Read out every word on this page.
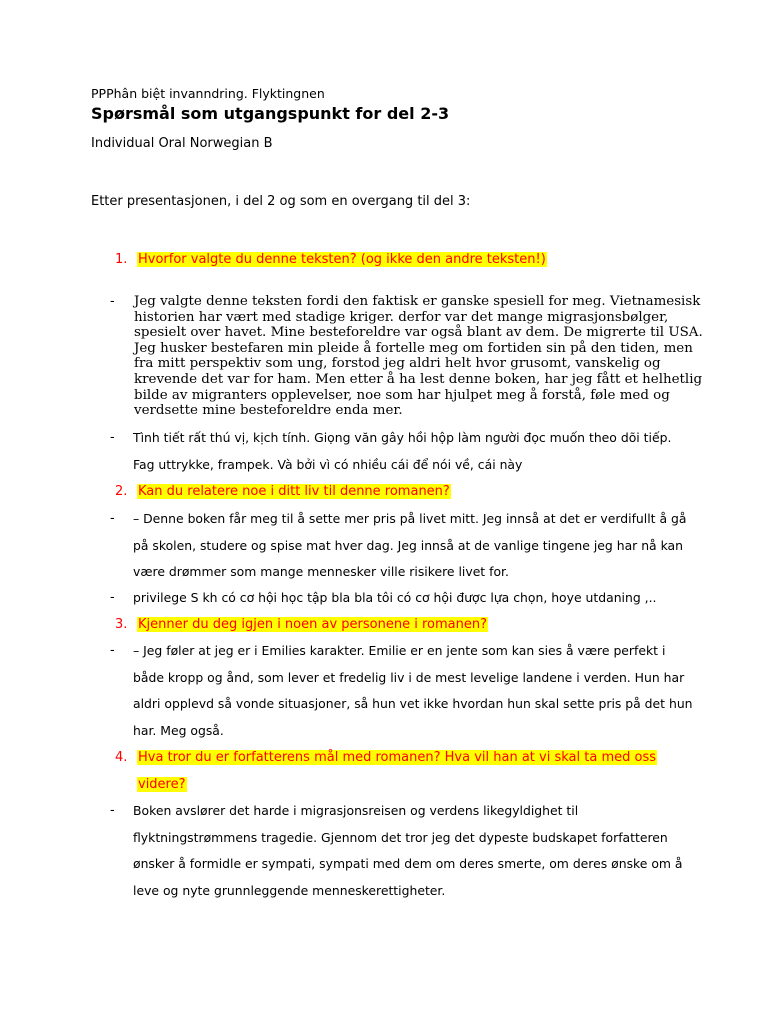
PPPhân biệt invanndring. Flyktingnen
Spørsmål som utgangspunkt for del 2-3
Individual Oral Norwegian B
Etter presentasjonen, i del 2 og som en overgang til del 3:
1. Hvorfor valgte du denne teksten? (og ikke den andre teksten!)
- Jeg valgte denne teksten fordi den faktisk er ganske spesiell for meg. Vietnamesisk historien har vært med stadige kriger. derfor var det mange migrasjonsbølger, spesielt over havet. Mine besteforeldre var også blant av dem. De migrerte til USA. Jeg husker bestefaren min pleide å fortelle meg om fortiden sin på den tiden, men fra mitt perspektiv som ung, forstod jeg aldri helt hvor grusomt, vanskelig og krevende det var for ham. Men etter å ha lest denne boken, har jeg fått et helhetlig bilde av migranters opplevelser, noe som har hjulpet meg å forstå, føle med og verdsette mine besteforeldre enda mer.
- Tình tiết rất thú vị, kịch tính. Giọng văn gây hồi hộp làm người đọc muốn theo dõi tiếp. Fag uttrykke, frampek. Và bởi vì có nhiều cái để nói về, cái này
2. Kan du relatere noe i ditt liv til denne romanen?
- – Denne boken får meg til å sette mer pris på livet mitt. Jeg innså at det er verdifullt å gå på skolen, studere og spise mat hver dag. Jeg innså at de vanlige tingene jeg har nå kan være drømmer som mange mennesker ville risikere livet for.
- privilege S kh có cơ hội học tập bla bla tôi có cơ hội được lựa chọn, hoye utdaning ,..
3. Kjenner du deg igjen i noen av personene i romanen?
- – Jeg føler at jeg er i Emilies karakter. Emilie er en jente som kan sies å være perfekt i både kropp og ånd, som lever et fredelig liv i de mest levelige landene i verden. Hun har aldri opplevd så vonde situasjoner, så hun vet ikke hvordan hun skal sette pris på det hun har. Meg også.
4. Hva tror du er forfatterens mål med romanen? Hva vil han at vi skal ta med oss
videre?
- Boken avslører det harde i migrasjonsreisen og verdens likegyldighet til flyktningstrømmens tragedie. Gjennom det tror jeg det dypeste budskapet forfatteren ønsker å formidle er sympati, sympati med dem om deres smerte, om deres ønske om å leve og nyte grunnleggende menneskerettigheter.
